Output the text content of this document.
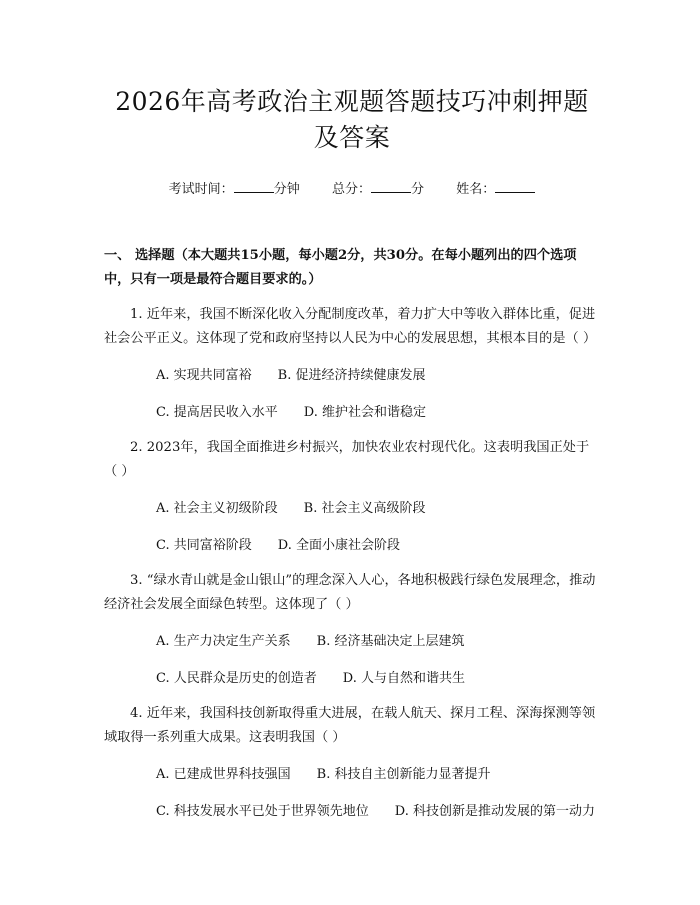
2026年高考政治主观题答题技巧冲刺押题及答案
考试时间：	分钟 总分：	分 姓名：
一、 选择题（本大题共15小题，每小题2分，共30分。在每小题列出的四个选项中，只有一项是最符合题目要求的。）
1. 近年来，我国不断深化收入分配制度改革，着力扩大中等收入群体比重，促进社会公平正义。这体现了党和政府坚持以人民为中心的发展思想，其根本目的是（ ）
A. 实现共同富裕 B. 促进经济持续健康发展
C. 提高居民收入水平 D. 维护社会和谐稳定
2. 2023年，我国全面推进乡村振兴，加快农业农村现代化。这表明我国正处于（ ）
A. 社会主义初级阶段 B. 社会主义高级阶段
C. 共同富裕阶段 D. 全面小康社会阶段
3. “绿水青山就是金山银山”的理念深入人心，各地积极践行绿色发展理念，推动经济社会发展全面绿色转型。这体现了（ ）
A. 生产力决定生产关系 B. 经济基础决定上层建筑
C. 人民群众是历史的创造者 D. 人与自然和谐共生
4. 近年来，我国科技创新取得重大进展，在载人航天、探月工程、深海探测等领域取得一系列重大成果。这表明我国（ ）
A. 已建成世界科技强国 B. 科技自主创新能力显著提升
C. 科技发展水平已处于世界领先地位　　 D. 科技创新是推动发展的第一动力
